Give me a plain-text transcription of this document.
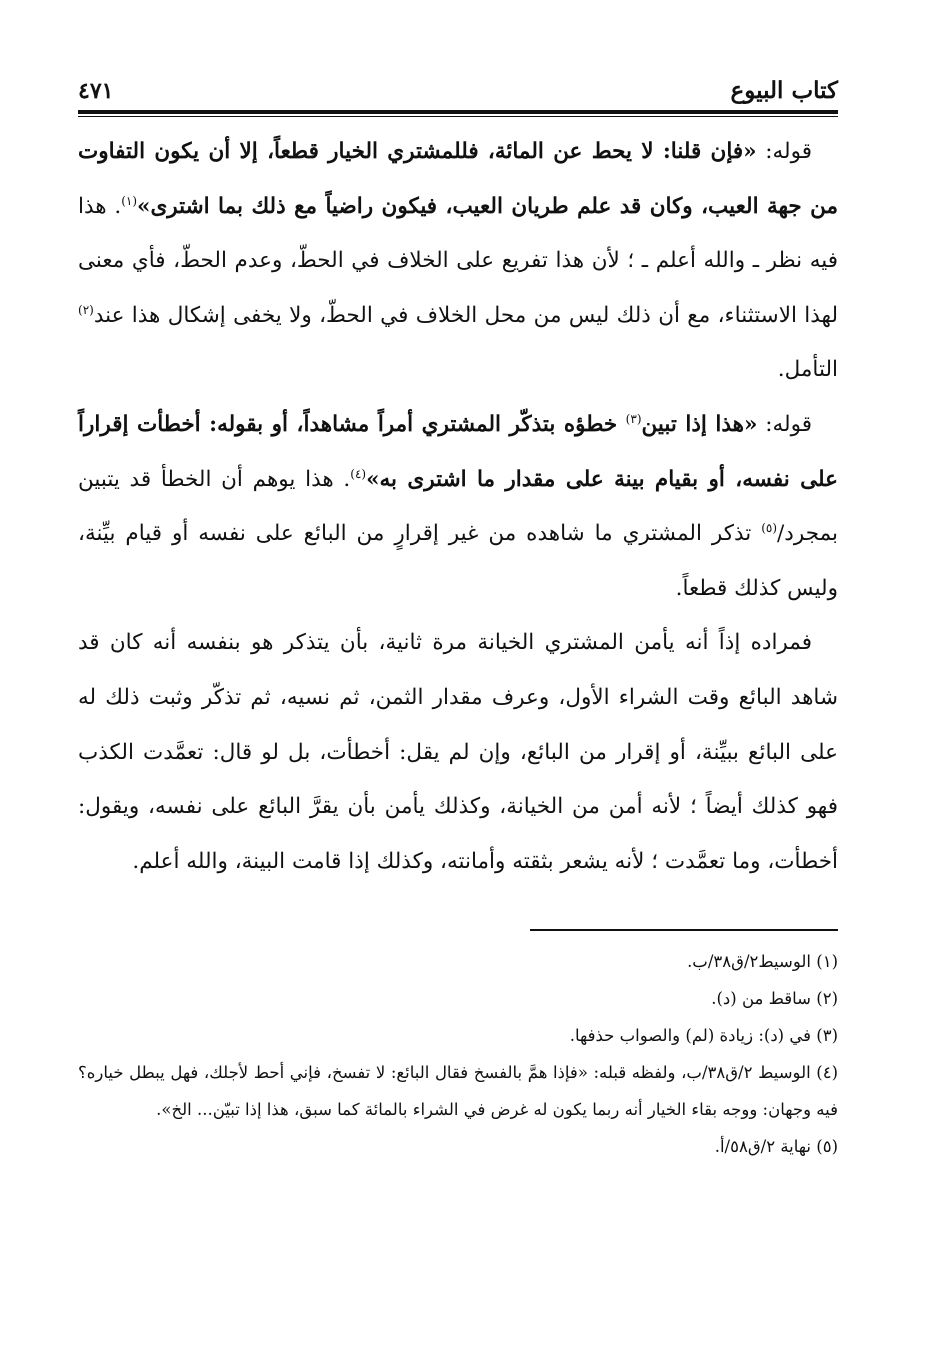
كتاب البيوع
٤٧١

قوله: «فإن قلنا: لا يحط عن المائة، فللمشتري الخيار قطعاً، إلا أن يكون التفاوت من جهة العيب، وكان قد علم طريان العيب، فيكون راضياً مع ذلك بما اشترى»$^{(١)}$. هذا فيه نظر ـ والله أعلم ـ ؛ لأن هذا تفريع على الخلاف في الحطّ، وعدم الحطّ، فأي معنى لهذا الاستثناء، مع أن ذلك ليس من محل الخلاف في الحطّ، ولا يخفى إشكال هذا عند$^{(٢)}$ التأمل.

قوله: «هذا إذا تبين$^{(٣)}$ خطؤه بتذكّر المشتري أمراً مشاهداً، أو بقوله: أخطأت إقراراً على نفسه، أو بقيام بينة على مقدار ما اشترى به»$^{(٤)}$. هذا يوهم أن الخطأ قد يتبين بمجرد/$^{(٥)}$ تذكر المشتري ما شاهده من غير إقرارٍ من البائع على نفسه أو قيام بيِّنة، وليس كذلك قطعاً.

فمراده إذاً أنه يأمن المشتري الخيانة مرة ثانية، بأن يتذكر هو بنفسه أنه كان قد شاهد البائع وقت الشراء الأول، وعرف مقدار الثمن، ثم نسيه، ثم تذكّر وثبت ذلك له على البائع ببيِّنة، أو إقرار من البائع، وإن لم يقل: أخطأت، بل لو قال: تعمَّدت الكذب فهو كذلك أيضاً ؛ لأنه أمن من الخيانة، وكذلك يأمن بأن يقرَّ البائع على نفسه، ويقول: أخطأت، وما تعمَّدت ؛ لأنه يشعر بثقته وأمانته، وكذلك إذا قامت البينة، والله أعلم.

(١) الوسيط٢/ق٣٨/ب.

(٢) ساقط من (د).

(٣) في (د): زيادة (لم) والصواب حذفها.

(٤) الوسيط ٢/ق٣٨/ب، ولفظه قبله: «فإذا همَّ بالفسخ فقال البائع: لا تفسخ، فإني أحط لأجلك، فهل يبطل خياره؟ فيه وجهان: ووجه بقاء الخيار أنه ربما يكون له غرض في الشراء بالمائة كما سبق، هذا إذا تبيّن... الخ».

(٥) نهاية ٢/ق٥٨/أ.
